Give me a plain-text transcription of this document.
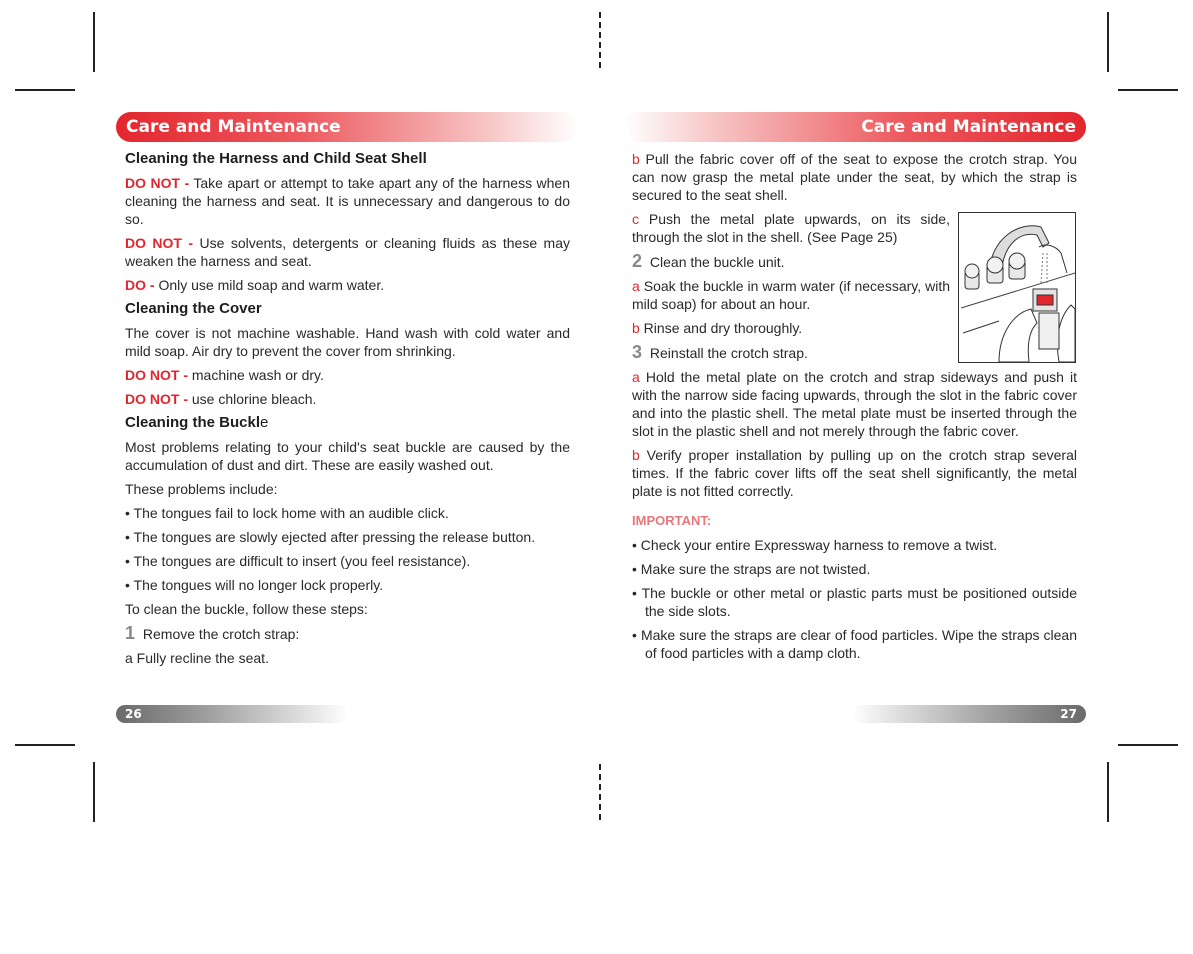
Care and Maintenance	Care and Maintenance

Cleaning the Harness and Child Seat Shell

DO NOT - Take apart or attempt to take apart any of the harness when cleaning the harness and seat. It is unnecessary and dangerous to do so.

DO NOT - Use solvents, detergents or cleaning fluids as these may weaken the harness and seat.

DO - Only use mild soap and warm water.

Cleaning the Cover

The cover is not machine washable. Hand wash with cold water and mild soap. Air dry to prevent the cover from shrinking.

DO NOT - machine wash or dry.

DO NOT - use chlorine bleach.

Cleaning the Buckle

Most problems relating to your child's seat buckle are caused by the accumulation of dust and dirt. These are easily washed out.

These problems include:

• The tongues fail to lock home with an audible click.

• The tongues are slowly ejected after pressing the release button.

• The tongues are difficult to insert (you feel resistance).

• The tongues will no longer lock properly.

To clean the buckle, follow these steps:

1 Remove the crotch strap:

a Fully recline the seat.

b Pull the fabric cover off of the seat to expose the crotch strap. You can now grasp the metal plate under the seat, by which the strap is secured to the seat shell.

c Push the metal plate upwards, on its side, through the slot in the shell. (See Page 25)

2 Clean the buckle unit.

a Soak the buckle in warm water (if necessary, with mild soap) for about an hour.

b Rinse and dry thoroughly.

3 Reinstall the crotch strap.

a Hold the metal plate on the crotch and strap sideways and push it with the narrow side facing upwards, through the slot in the fabric cover and into the plastic shell. The metal plate must be inserted through the slot in the plastic shell and not merely through the fabric cover.

b Verify proper installation by pulling up on the crotch strap several times. If the fabric cover lifts off the seat shell significantly, the metal plate is not fitted correctly.

IMPORTANT:

• Check your entire Expressway harness to remove a twist.

• Make sure the straps are not twisted.

• The buckle or other metal or plastic parts must be positioned outside the side slots.

• Make sure the straps are clear of food particles. Wipe the straps clean of food particles with a damp cloth.

26	27
